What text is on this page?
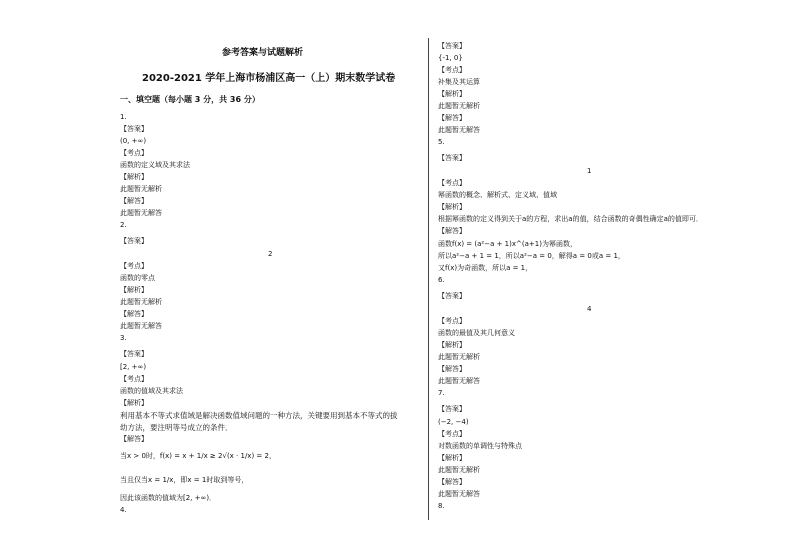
参考答案与试题解析
2020-2021 学年上海市杨浦区高一（上）期末数学试卷
一、填空题（每小题 3 分，共 36 分）
1.
【答案】
(0, +∞)
【考点】
函数的定义域及其求法
【解析】
此题暂无解析
【解答】
此题暂无解答
2.
【答案】
2
【考点】
函数的零点
【解析】
此题暂无解析
【解答】
此题暂无解答
3.
【答案】
[2, +∞)
【考点】
函数的值域及其求法
【解析】
利用基本不等式求值域是解决函数值域问题的一种方法，关键要用到基本不等式的拔
幼方法，要注明等号成立的条件．
【解答】
当x > 0时，f(x) = x + 1/x ≥ 2√(x · 1/x) = 2，
当且仅当x = 1/x，即x = 1时取到等号，
因此该函数的值域为[2, +∞)．
4.
【答案】
{-1, 0}
【考点】
补集及其运算
【解析】
此题暂无解析
【解答】
此题暂无解答
5.
【答案】
1
【考点】
幂函数的概念、解析式、定义域、值域
【解析】
根据幂函数的定义得到关于a的方程，求出a的值，结合函数的奇偶性确定a的值即可．
【解答】
函数f(x) = (a²−a + 1)x^(a+1)为幂函数，
所以a²−a + 1 = 1，所以a²−a = 0，解得a = 0或a = 1，
又f(x)为奇函数，所以a = 1，
6.
【答案】
4
【考点】
函数的最值及其几何意义
【解析】
此题暂无解析
【解答】
此题暂无解答
7.
【答案】
(−2, −4)
【考点】
对数函数的单调性与特殊点
【解析】
此题暂无解析
【解答】
此题暂无解答
8.
